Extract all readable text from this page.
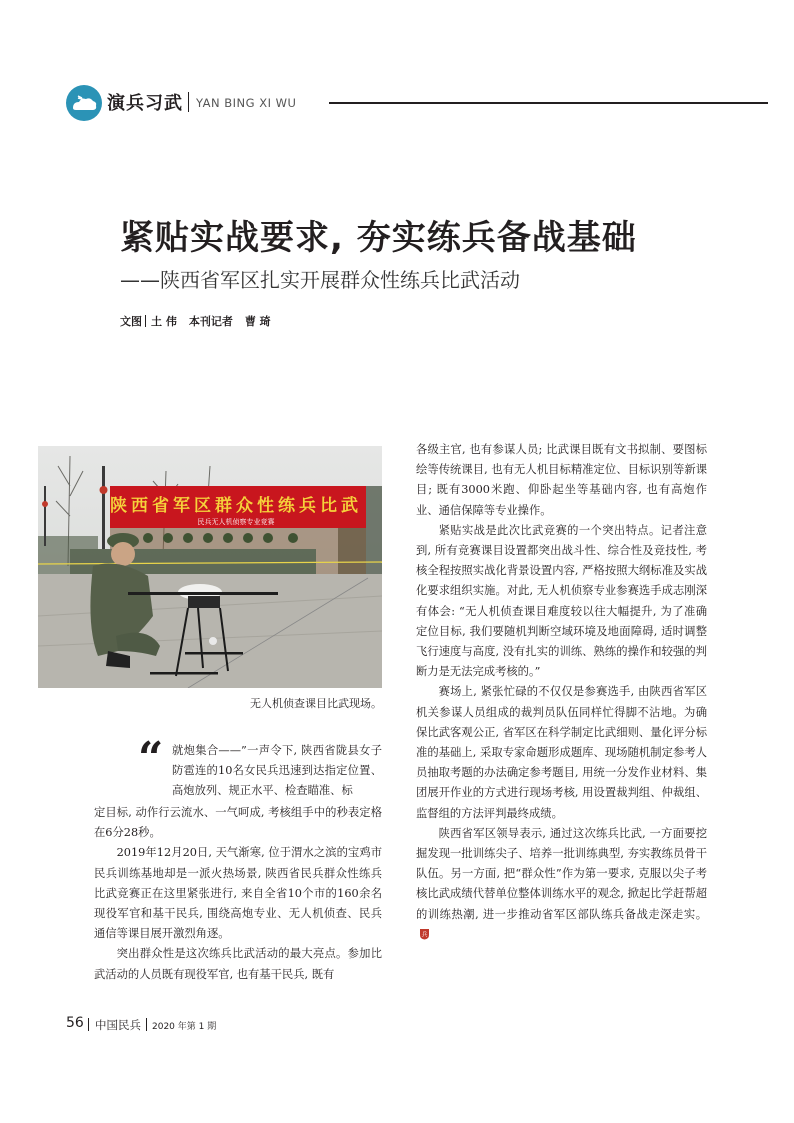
演兵习武 YAN BING XI WU
紧贴实战要求, 夯实练兵备战基础
——陕西省军区扎实开展群众性练兵比武活动
文图 土 伟 本刊记者 曹 琦
陕西省军区群众性练兵比武
民兵无人机侦察专业竞赛
无人机侦查课目比武现场。
“ 就炮集合——”一声令下, 陕西省陇县女子防雹连的10名女民兵迅速到达指定位置、高炮放列、规正水平、检查瞄准、标

定目标, 动作行云流水、一气呵成, 考核组手中的秒表定格在6分28秒。

2019年12月20日, 天气渐寒, 位于渭水之滨的宝鸡市民兵训练基地却是一派火热场景, 陕西省民兵群众性练兵比武竞赛正在这里紧张进行, 来自全省10个市的160余名现役军官和基干民兵, 围绕高炮专业、无人机侦查、民兵通信等课目展开激烈角逐。

突出群众性是这次练兵比武活动的最大亮点。参加比武活动的人员既有现役军官, 也有基干民兵, 既有

各级主官, 也有参谋人员; 比武课目既有文书拟制、要图标绘等传统课目, 也有无人机目标精准定位、目标识别等新课目; 既有3000米跑、仰卧起坐等基础内容, 也有高炮作业、通信保障等专业操作。

紧贴实战是此次比武竞赛的一个突出特点。记者注意到, 所有竞赛课目设置都突出战斗性、综合性及竞技性, 考核全程按照实战化背景设置内容, 严格按照大纲标准及实战化要求组织实施。对此, 无人机侦察专业参赛选手成志刚深有体会: “无人机侦查课目难度较以往大幅提升, 为了准确定位目标, 我们要随机判断空域环境及地面障碍, 适时调整飞行速度与高度, 没有扎实的训练、熟练的操作和较强的判断力是无法完成考核的。”

赛场上, 紧张忙碌的不仅仅是参赛选手, 由陕西省军区机关参谋人员组成的裁判员队伍同样忙得脚不沾地。为确保比武客观公正, 省军区在科学制定比武细则、量化评分标准的基础上, 采取专家命题形成题库、现场随机制定参考人员抽取考题的办法确定参考题目, 用统一分发作业材料、集团展开作业的方式进行现场考核, 用设置裁判组、仲裁组、监督组的方法评判最终成绩。

陕西省军区领导表示, 通过这次练兵比武, 一方面要挖掘发现一批训练尖子、培养一批训练典型, 夯实教练员骨干队伍。另一方面, 把“群众性”作为第一要求, 克服以尖子考核比武成绩代替单位整体训练水平的观念, 掀起比学赶帮超的训练热潮, 进一步推动省军区部队练兵备战走深走实。
兵

56 中国民兵 2020 年第 1 期
